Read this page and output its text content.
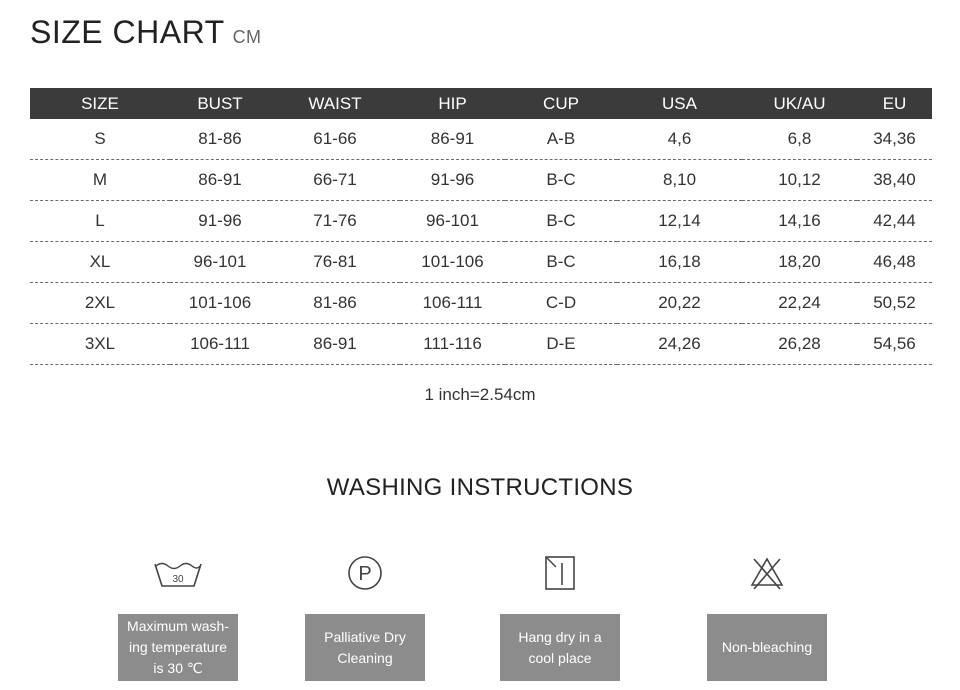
SIZE CHART CM
SIZE	BUST	WAIST	HIP	CUP	USA	UK/AU	EU
S	81-86	61-66	86-91	A-B	4,6	6,8	34,36
M	86-91	66-71	91-96	B-C	8,10	10,12	38,40
L	91-96	71-76	96-101	B-C	12,14	14,16	42,44
XL	96-101	76-81	101-106	B-C	16,18	18,20	46,48
2XL	101-106	81-86	106-111	C-D	20,22	22,24	50,52
3XL	106-111	86-91	111-116	D-E	24,26	26,28	54,56
1 inch=2.54cm
WASHING INSTRUCTIONS
30
Maximum wash-ing temperature is 30 ℃
P
Palliative Dry Cleaning
Hang dry in a cool place
Non-bleaching
